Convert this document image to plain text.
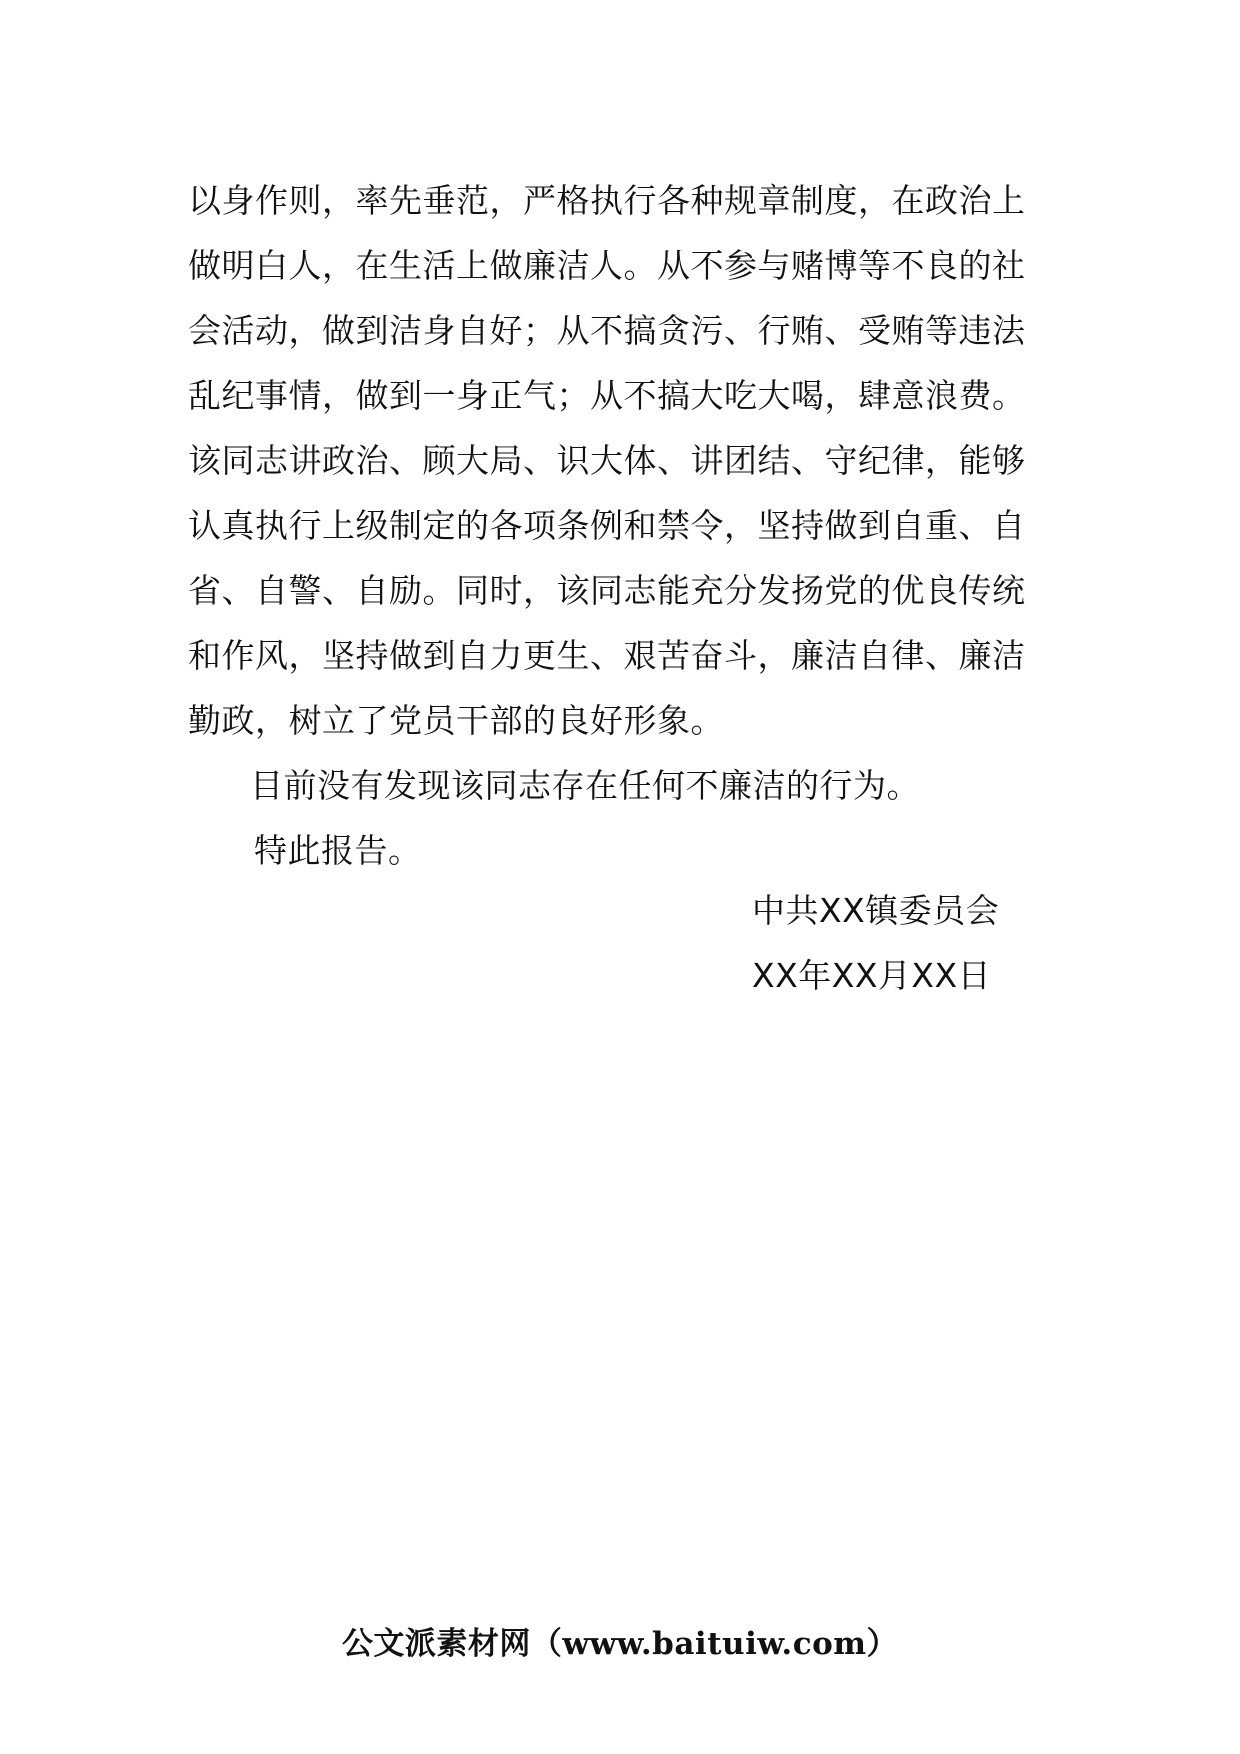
以身作则，率先垂范，严格执行各种规章制度，在政治上
做明白人，在生活上做廉洁人。从不参与赌博等不良的社
会活动，做到洁身自好；从不搞贪污、行贿、受贿等违法
乱纪事情，做到一身正气；从不搞大吃大喝，肆意浪费。
该同志讲政治、顾大局、识大体、讲团结、守纪律，能够
认真执行上级制定的各项条例和禁令，坚持做到自重、自
省、自警、自励。同时，该同志能充分发扬党的优良传统
和作风，坚持做到自力更生、艰苦奋斗，廉洁自律、廉洁
勤政，树立了党员干部的良好形象。
目前没有发现该同志存在任何不廉洁的行为。
特此报告。
中共XX镇委员会
XX年XX月XX日
公文派素材网（www.baituiw.com）
